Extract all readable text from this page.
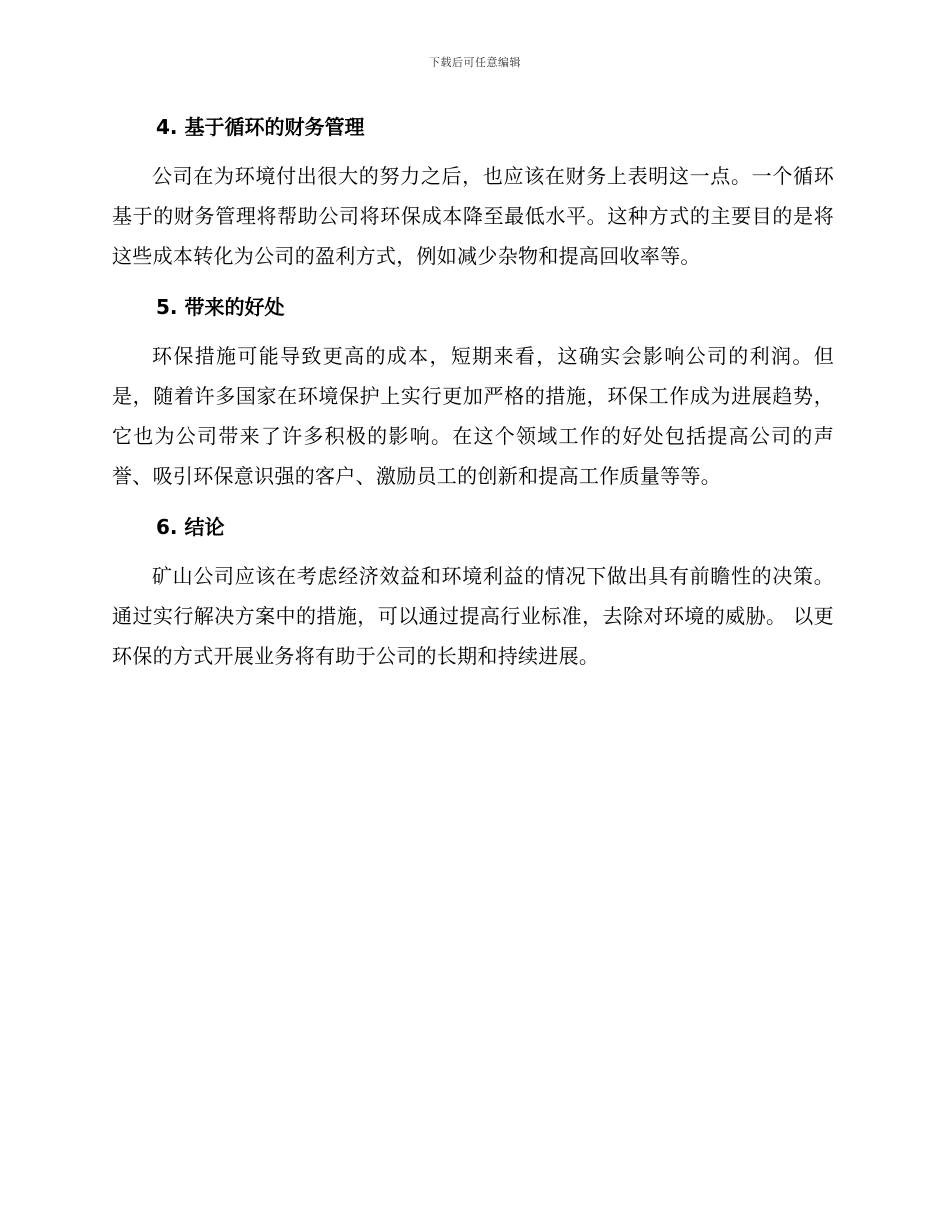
下载后可任意编辑
4. 基于循环的财务管理

公司在为环境付出很大的努力之后，也应该在财务上表明这一点。一个循环基于的财务管理将帮助公司将环保成本降至最低水平。这种方式的主要目的是将这些成本转化为公司的盈利方式，例如减少杂物和提高回收率等。

5. 带来的好处

环保措施可能导致更高的成本，短期来看，这确实会影响公司的利润。但是，随着许多国家在环境保护上实行更加严格的措施，环保工作成为进展趋势，它也为公司带来了许多积极的影响。在这个领域工作的好处包括提高公司的声誉、吸引环保意识强的客户、激励员工的创新和提高工作质量等等。

6. 结论

矿山公司应该在考虑经济效益和环境利益的情况下做出具有前瞻性的决策。 通过实行解决方案中的措施，可以通过提高行业标准，去除对环境的威胁。 以更环保的方式开展业务将有助于公司的长期和持续进展。
